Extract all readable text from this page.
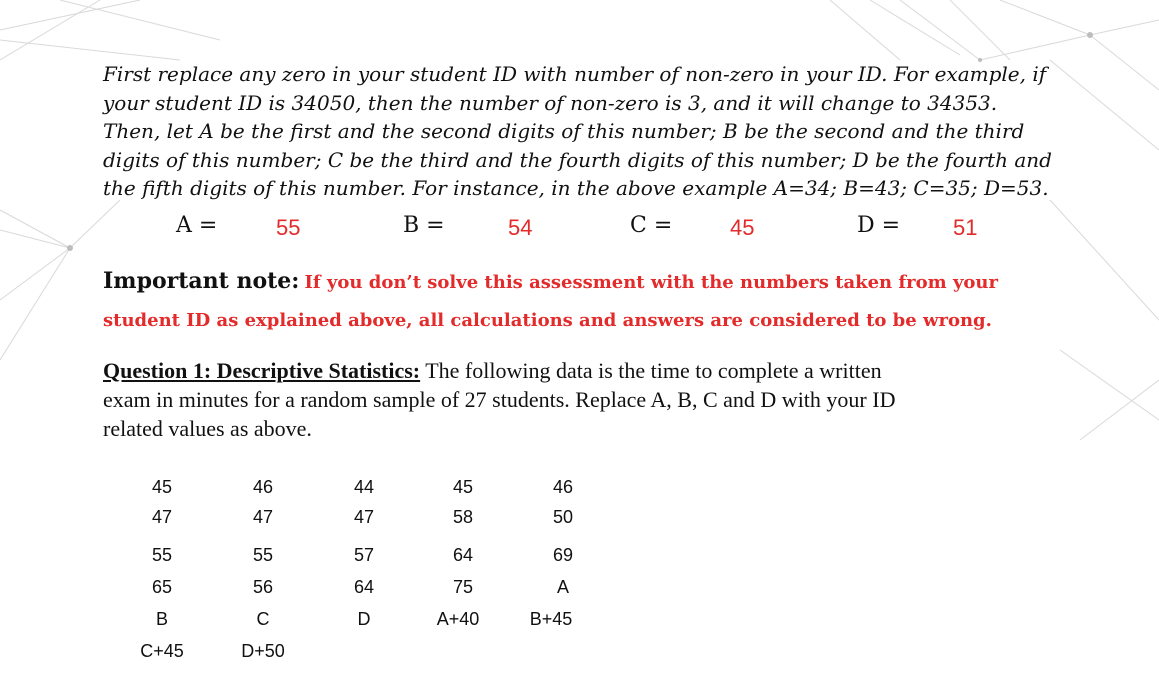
First replace any zero in your student ID with number of non-zero in your ID. For example, if
your student ID is 34050, then the number of non-zero is 3, and it will change to 34353.
Then, let A be the first and the second digits of this number; B be the second and the third
digits of this number; C be the third and the fourth digits of this number; D be the fourth and
the fifth digits of this number. For instance, in the above example A=34; B=43; C=35; D=53.
A =	55	B =	54	C =	45	D = 51
Important note: If you don’t solve this assessment with the numbers taken from your
student ID as explained above, all calculations and answers are considered to be wrong.
Question 1: Descriptive Statistics: The following data is the time to complete a written
exam in minutes for a random sample of 27 students. Replace A, B, C and D with your ID
related values as above.
45	46	44	45	46
47	47	47	58	50
55	55	57	64	69
65	56	64	75	A
B	C	D	A+40	B+45
C+45	D+50
